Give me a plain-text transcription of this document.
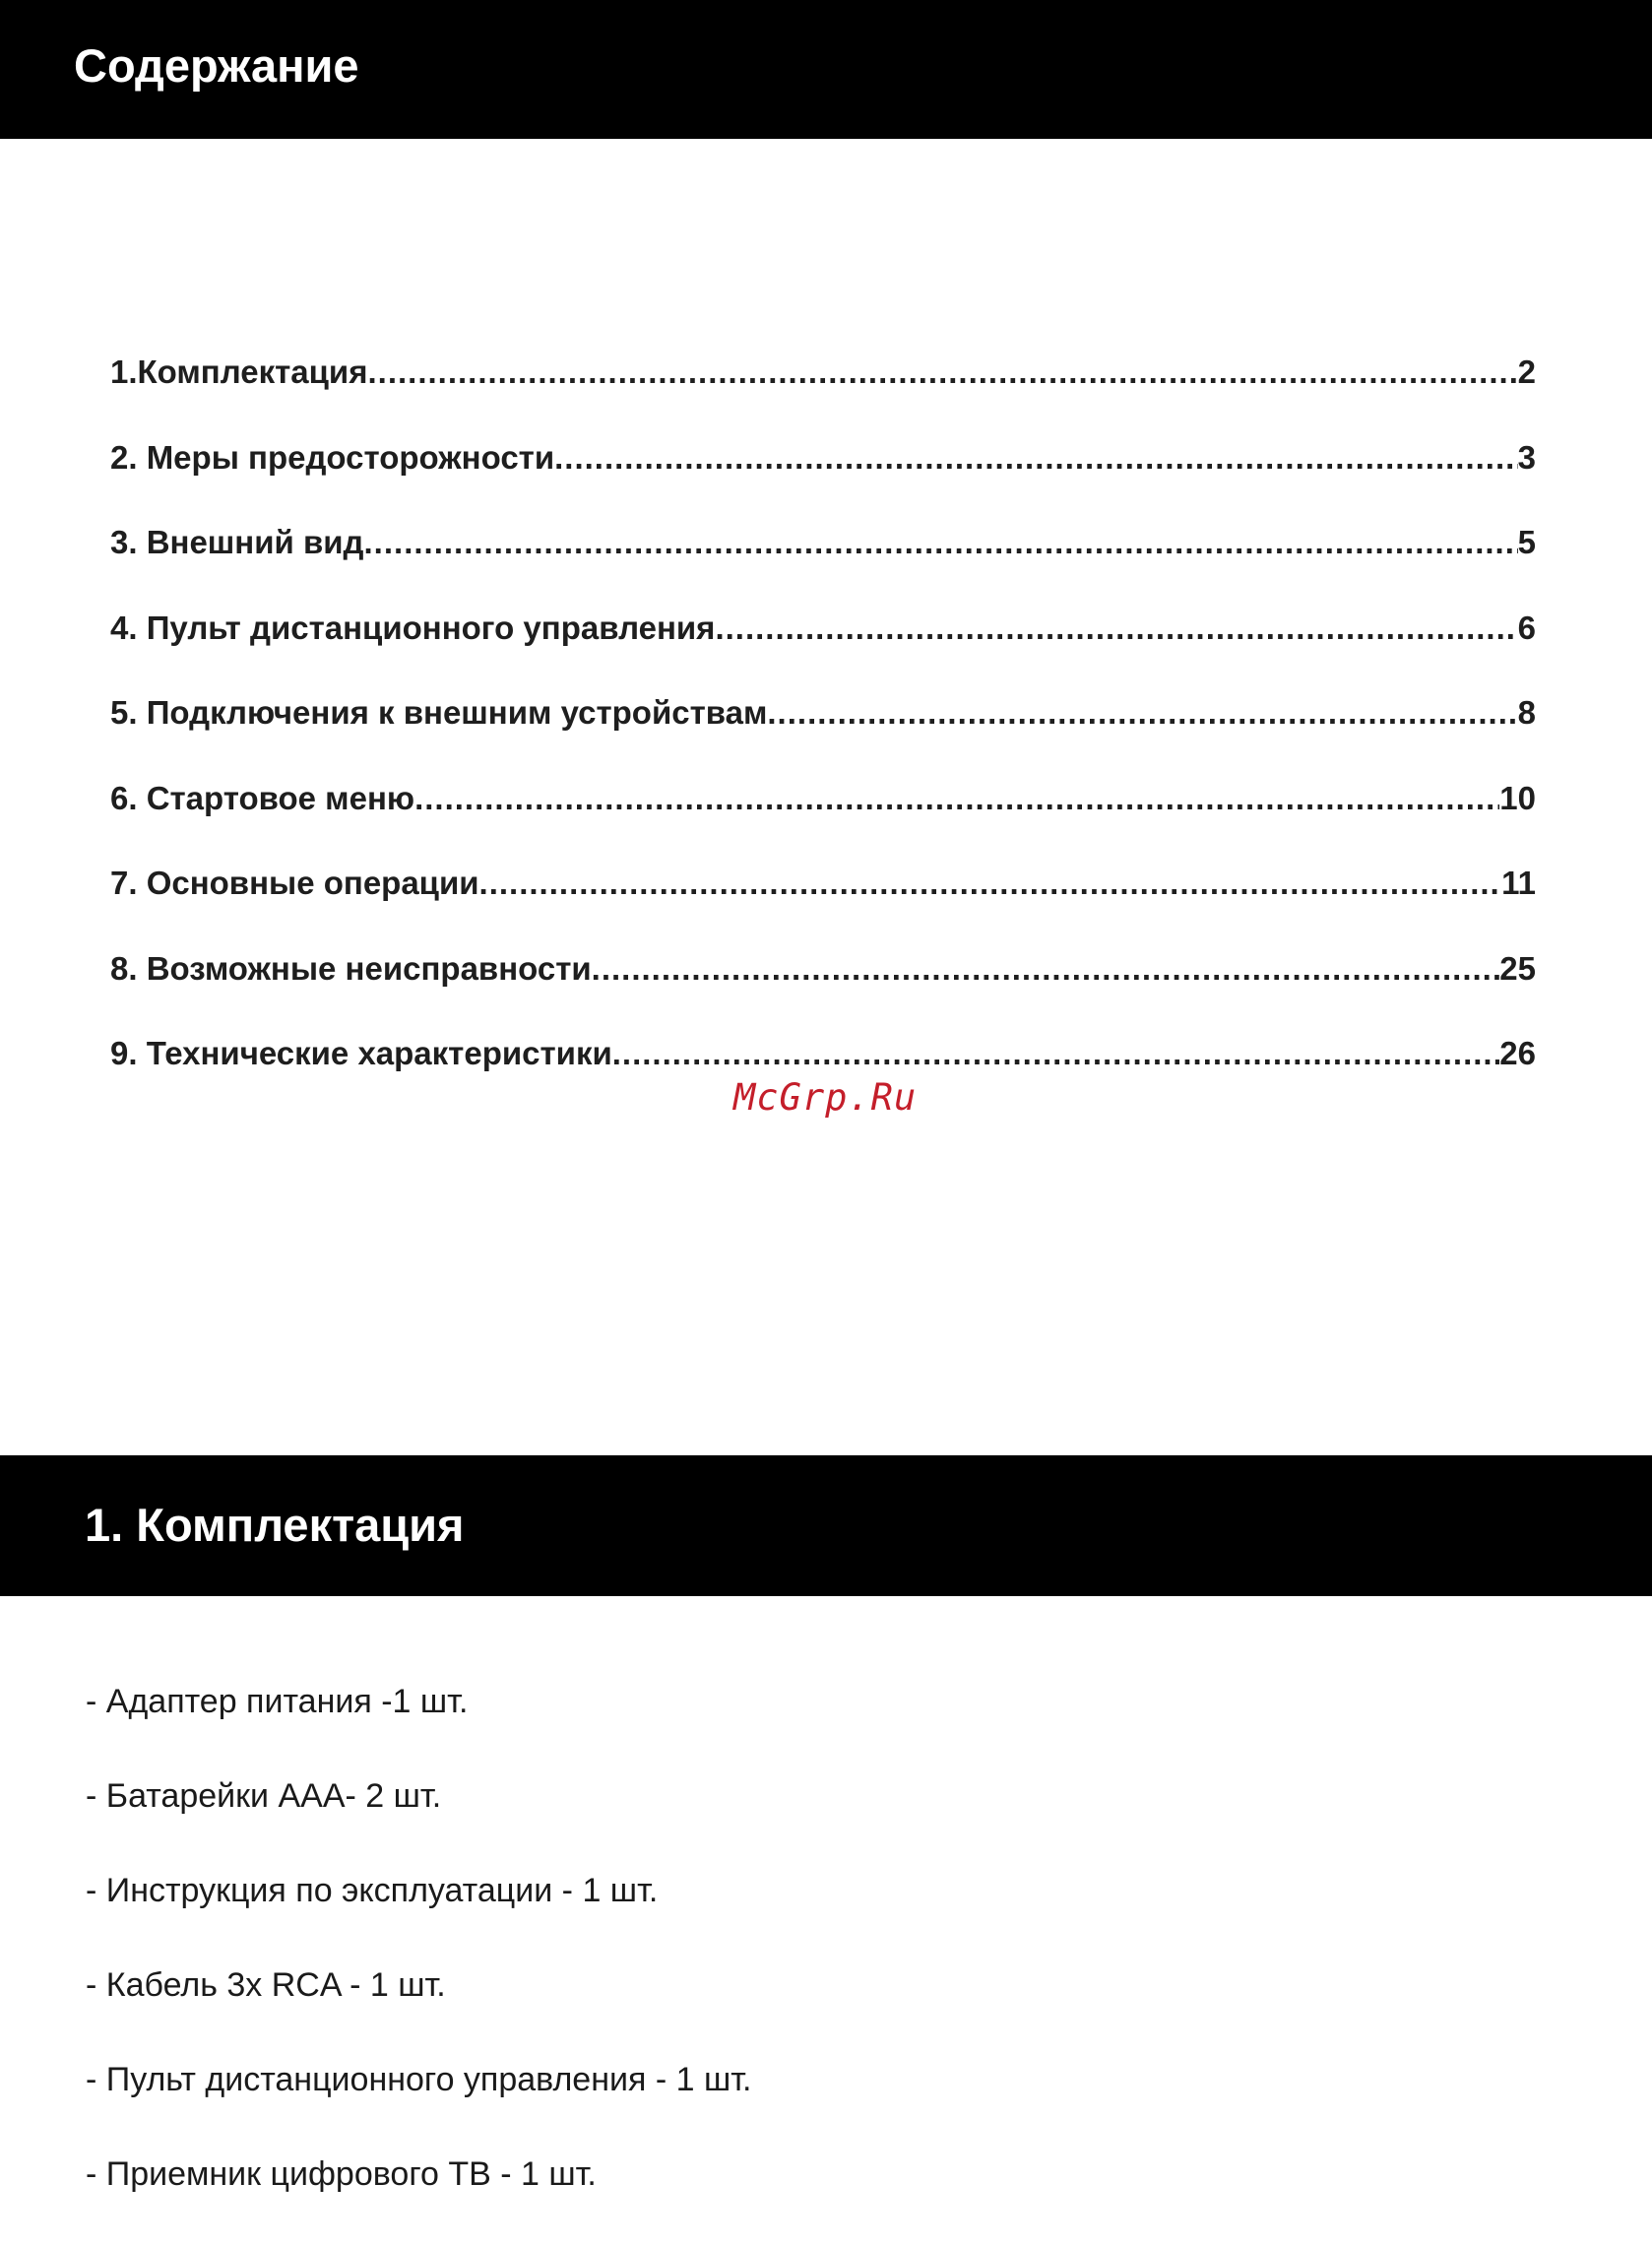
Содержание
1.Комплектация .....	2
2. Меры предосторожности .....	3
3. Внешний вид .....	5
4. Пульт дистанционного управления .....	6
5. Подключения к внешним устройствам .....	8
6. Стартовое меню .....	10
7. Основные операции .....	11
8. Возможные неисправности .....	25
9. Технические характеристики .....	26
McGrp.Ru
1. Комплектация
- Адаптер питания -1 шт.
- Батарейки ААА- 2 шт.
- Инструкция по эксплуатации - 1 шт.
- Кабель 3х RCA - 1 шт.
- Пульт дистанционного управления - 1 шт.
- Приемник цифрового ТВ - 1 шт.
